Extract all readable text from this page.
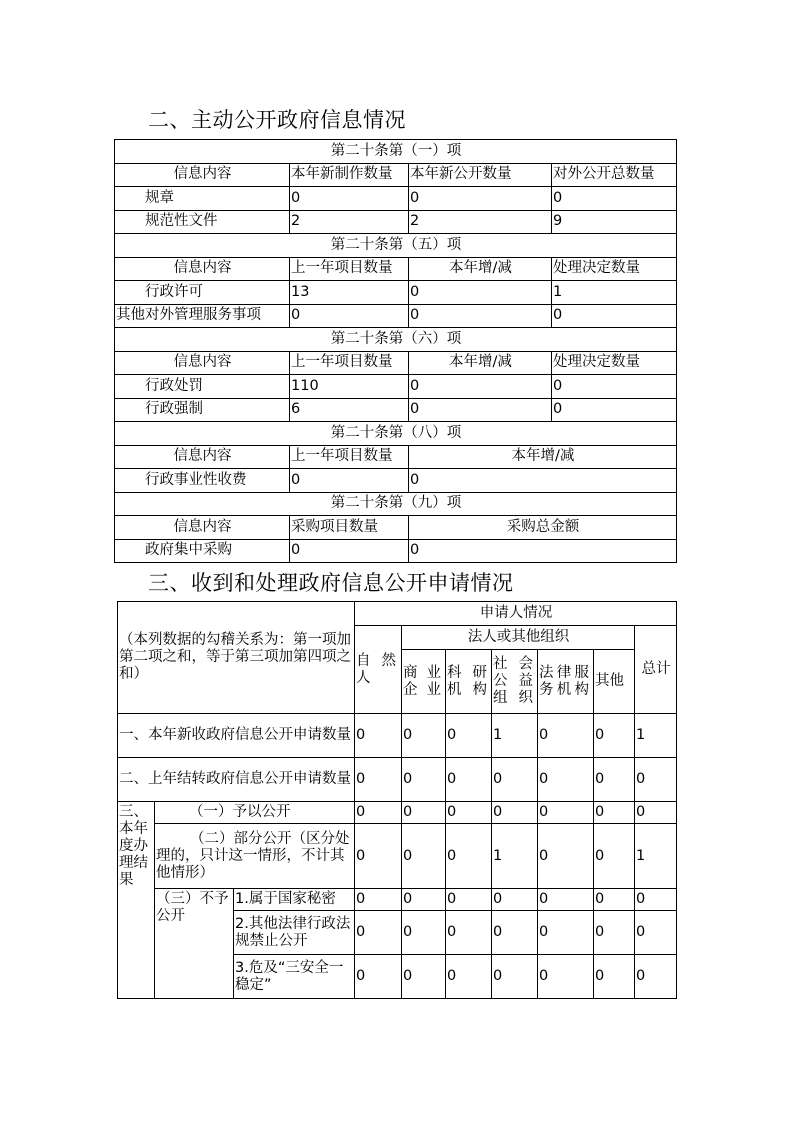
二、主动公开政府信息情况
第二十条第（一）项			
信息内容	本年新制作数量	本年新公开数量	对外公开总数量
规章	0	0	0
规范性文件	2	2	9
第二十条第（五）项			
信息内容	上一年项目数量	本年增/减	处理决定数量
行政许可	13	0	1
其他对外管理服务事项	0	0	0
第二十条第（六）项			
信息内容	上一年项目数量	本年增/减	处理决定数量
行政处罚	110	0	0
行政强制	6	0	0
第二十条第（八）项			
信息内容	上一年项目数量	本年增/减	
行政事业性收费	0	0	
第二十条第（九）项			
信息内容	采购项目数量	采购总金额	
政府集中采购	0	0	
三、收到和处理政府信息公开申请情况
（本列数据的勾稽关系为：第一项加第二项之和，等于第三项加第四项之和）			申请人情况						
			自然人	法人或其他组织					总计
				商业企业	科研机构	社会公益组织	法律服务机构	其他	
一、本年新收政府信息公开申请数量			0	0	0	1	0	0	1
二、上年结转政府信息公开申请数量			0	0	0	0	0	0	0
三、本年度办理结果	（一）予以公开		0	0	0	0	0	0	0
	（二）部分公开（区分处理的，只计这一情形，不计其他情形）		0	0	0	1	0	0	1
	（三）不予公开	1.属于国家秘密	0	0	0	0	0	0	0
		2.其他法律行政法规禁止公开	0	0	0	0	0	0	0
		3.危及“三安全一稳定”	0	0	0	0	0	0	0
